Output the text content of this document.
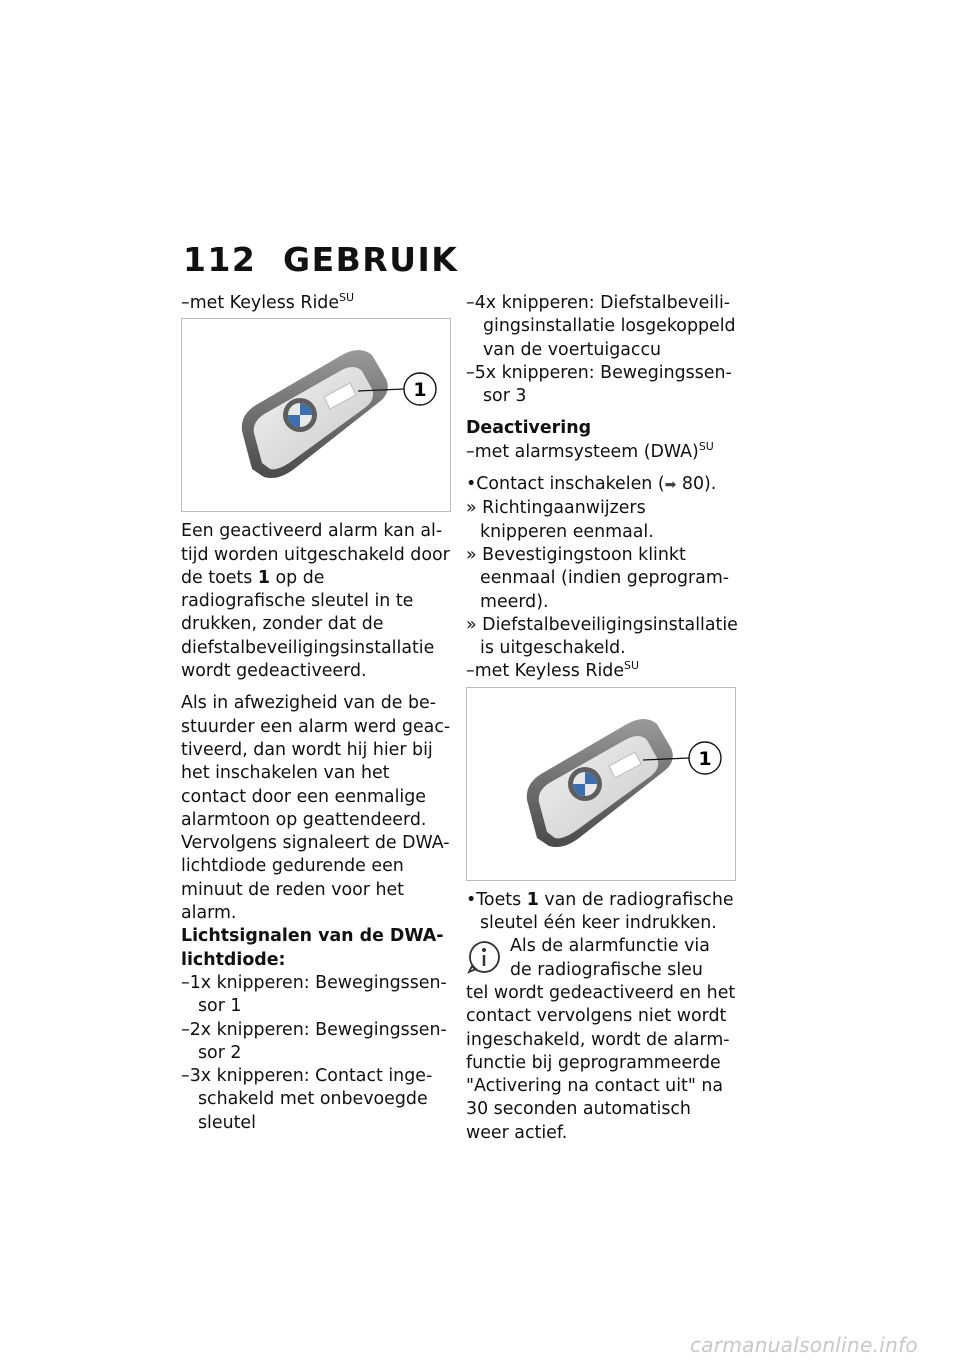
112 GEBRUIK

–met Keyless Ride$^{SU}$

1

Een geactiveerd alarm kan altijd worden uitgeschakeld door de toets 1 op de radiografische sleutel in te drukken, zonder dat de diefstalbeveiligingsinstallatie wordt gedeactiveerd.

Als in afwezigheid van de bestuurder een alarm werd geactiveerd, dan wordt hij hier bij het inschakelen van het contact door een eenmalige alarmtoon op geattendeerd. Vervolgens signaleert de DWA-lichtdiode gedurende een minuut de reden voor het alarm.

Lichtsignalen van de DWA-lichtdiode:

–1x knipperen: Bewegingssensor 1

–2x knipperen: Bewegingssensor 2

–3x knipperen: Contact ingeschakeld met onbevoegde sleutel

–4x knipperen: Diefstalbeveiligingsinstallatie losgekoppeld van de voertuigaccu

–5x knipperen: Bewegingssensor 3

Deactivering

–met alarmsysteem (DWA)$^{SU}$

•Contact inschakelen (➡ 80).

» Richtingaanwijzers knipperen eenmaal.

» Bevestigingstoon klinkt eenmaal (indien geprogrammeerd).

» Diefstalbeveiligingsinstallatie is uitgeschakeld.

–met Keyless Ride$^{SU}$

1

•Toets 1 van de radiografische sleutel één keer indrukken.

Als de alarmfunctie via

de radiografische sleu

tel wordt gedeactiveerd en het contact vervolgens niet wordt ingeschakeld, wordt de alarmfunctie bij geprogrammeerde "Activering na contact uit" na 30 seconden automatisch weer actief.

carmanualsonline.info
